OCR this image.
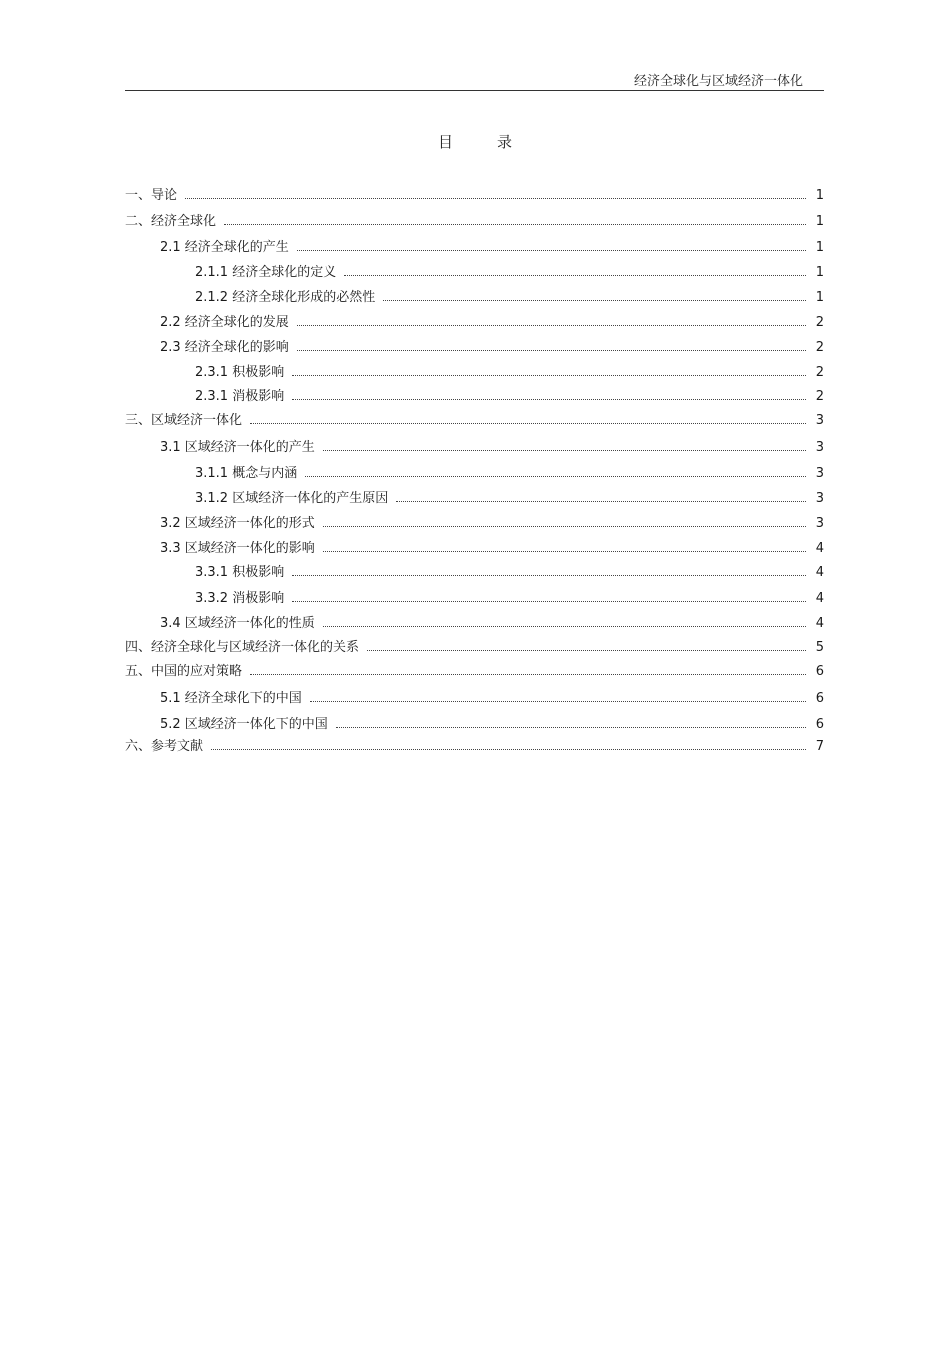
经济全球化与区域经济一体化
目	录
一、导论	1
二、经济全球化	1
2.1 经济全球化的产生	1
2.1.1 经济全球化的定义	1
2.1.2 经济全球化形成的必然性	1
2.2 经济全球化的发展	2
2.3 经济全球化的影响	2
2.3.1 积极影响	2
2.3.1 消极影响	2
三、区域经济一体化	3
3.1 区域经济一体化的产生	3
3.1.1 概念与内涵	3
3.1.2 区域经济一体化的产生原因	3
3.2 区域经济一体化的形式	3
3.3 区域经济一体化的影响	4
3.3.1 积极影响	4
3.3.2 消极影响	4
3.4 区域经济一体化的性质	4
四、经济全球化与区域经济一体化的关系	5
五、中国的应对策略	6
5.1 经济全球化下的中国	6
5.2 区域经济一体化下的中国	6
六、参考文献	7
